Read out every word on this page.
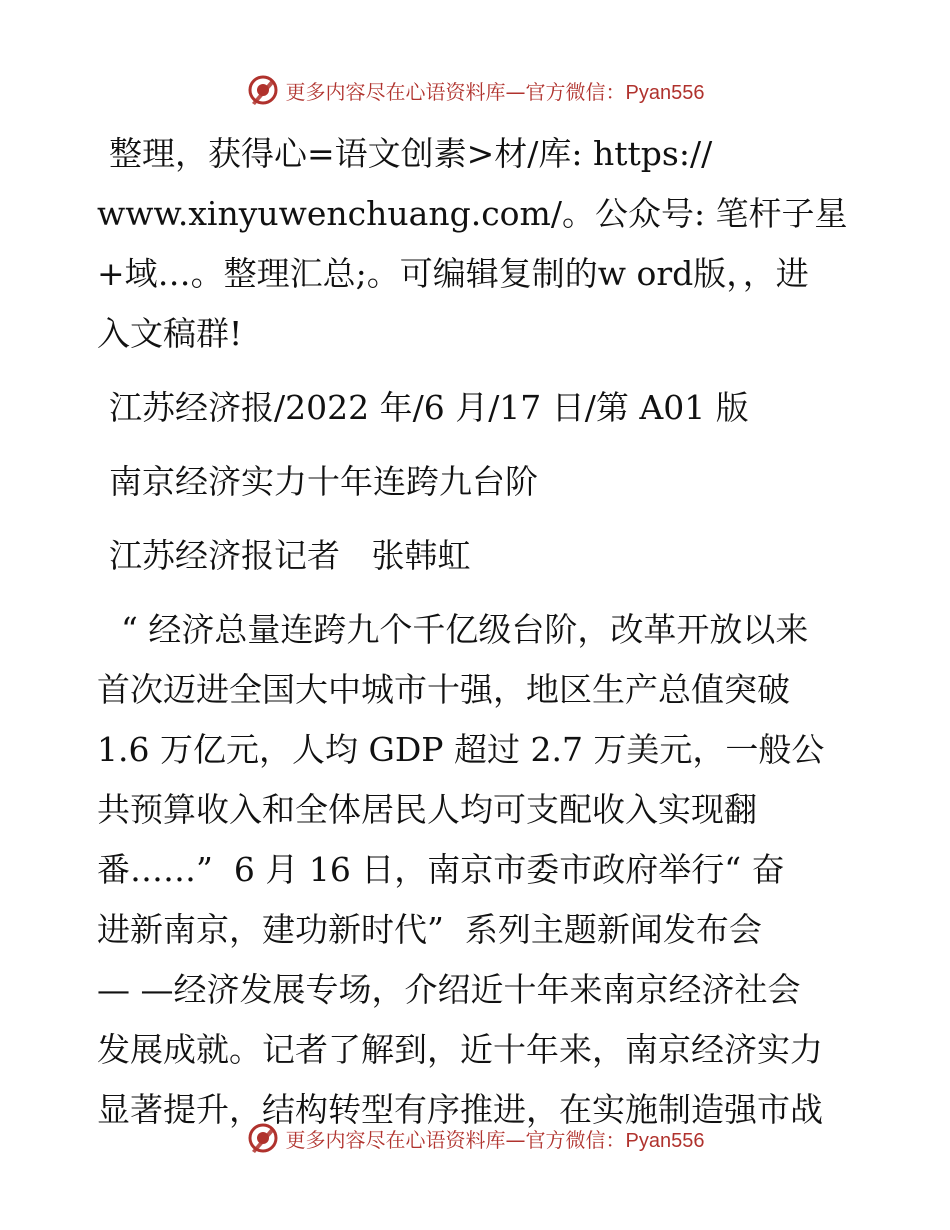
更多内容尽在心语资料库—官方微信：Pyan556

整理，获得心=语文创素>材/库: https://

www.xinyuwenchuang.com/。公众号: 笔杆子星

+域…。整理汇总;。可编辑复制的w ord版，，进

入文稿群!

江苏经济报/2022 年/6 月/17 日/第 A01 版

南京经济实力十年连跨九台阶

江苏经济报记者   张韩虹

“ 经济总量连跨九个千亿级台阶，改革开放以来

首次迈进全国大中城市十强，地区生产总值突破

1.6 万亿元，人均 GDP 超过 2.7 万美元，一般公

共预算收入和全体居民人均可支配收入实现翻

番……”  6 月 16 日，南京市委市政府举行“ 奋

进新南京，建功新时代”  系列主题新闻发布会

— —经济发展专场，介绍近十年来南京经济社会

发展成就。记者了解到，近十年来，南京经济实力

显著提升，结构转型有序推进，在实施制造强市战

更多内容尽在心语资料库—官方微信：Pyan556
